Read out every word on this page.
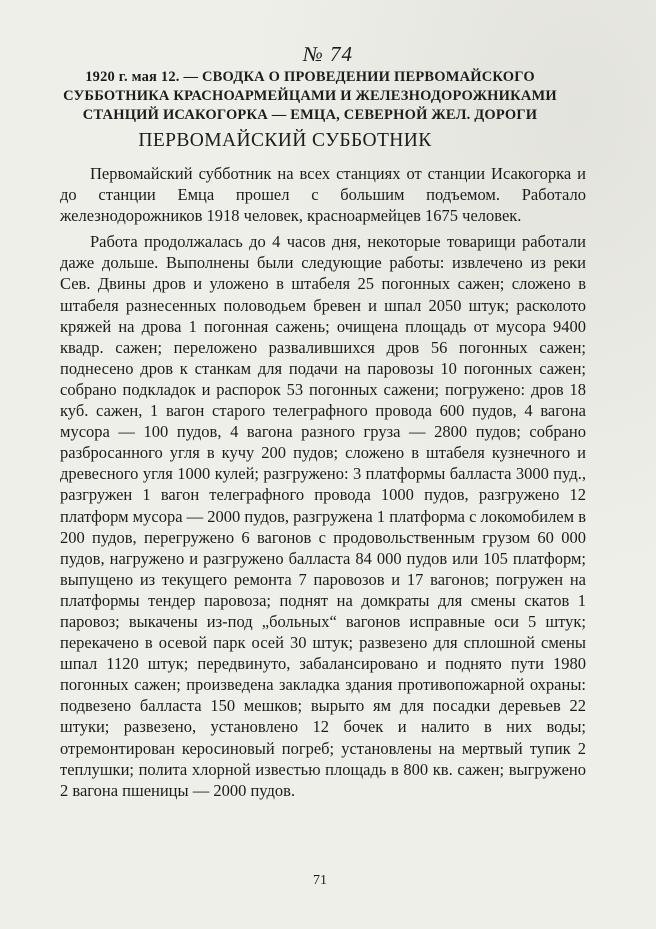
№ 74
1920 г. мая 12. — СВОДКА О ПРОВЕДЕНИИ ПЕРВОМАЙСКОГО СУББОТНИКА КРАСНОАРМЕЙЦАМИ И ЖЕЛЕЗНОДОРОЖНИКАМИ СТАНЦИЙ ИСАКОГОРКА — ЕМЦА, СЕВЕРНОЙ ЖЕЛ. ДОРОГИ
ПЕРВОМАЙСКИЙ СУББОТНИК

Первомайский субботник на всех станциях от станции Исакогорка и до станции Емца прошел с большим подъемом. Работало железнодорожников 1918 человек, красноармейцев 1675 человек.

Работа продолжалась до 4 часов дня, некоторые товарищи работали даже дольше. Выполнены были следующие работы: извлечено из реки Сев. Двины дров и уложено в штабеля 25 погонных сажен; сложено в штабеля разнесенных половодьем бревен и шпал 2050 штук; расколото кряжей на дрова 1 погонная сажень; очищена площадь от мусора 9400 квадр. сажен; переложено развалившихся дров 56 погонных сажен; поднесено дров к станкам для подачи на паровозы 10 погонных сажен; собрано подкладок и распорок 53 погонных сажени; погружено: дров 18 куб. сажен, 1 вагон старого телеграфного провода 600 пудов, 4 вагона мусора — 100 пудов, 4 вагона разного груза — 2800 пудов; собрано разбросанного угля в кучу 200 пудов; сложено в штабеля кузнечного и древесного угля 1000 кулей; разгружено: 3 платформы балласта 3000 пуд., разгружен 1 вагон телеграфного провода 1000 пудов, разгружено 12 платформ мусора — 2000 пудов, разгружена 1 платформа с локомобилем в 200 пудов, перегружено 6 вагонов с продовольственным грузом 60 000 пудов, нагружено и разгружено балласта 84 000 пудов или 105 платформ; выпущено из текущего ремонта 7 паровозов и 17 вагонов; погружен на платформы тендер паровоза; поднят на домкраты для смены скатов 1 паровоз; выкачены из-под „больных“ вагонов исправные оси 5 штук; перекачено в осевой парк осей 30 штук; развезено для сплошной смены шпал 1120 штук; передвинуто, забалансировано и поднято пути 1980 погонных сажен; произведена закладка здания противопожарной охраны: подвезено балласта 150 мешков; вырыто ям для посадки деревьев 22 штуки; развезено, установлено 12 бочек и налито в них воды; отремонтирован керосиновый погреб; установлены на мертвый тупик 2 теплушки; полита хлорной известью площадь в 800 кв. сажен; выгружено 2 вагона пшеницы — 2000 пудов.

71
